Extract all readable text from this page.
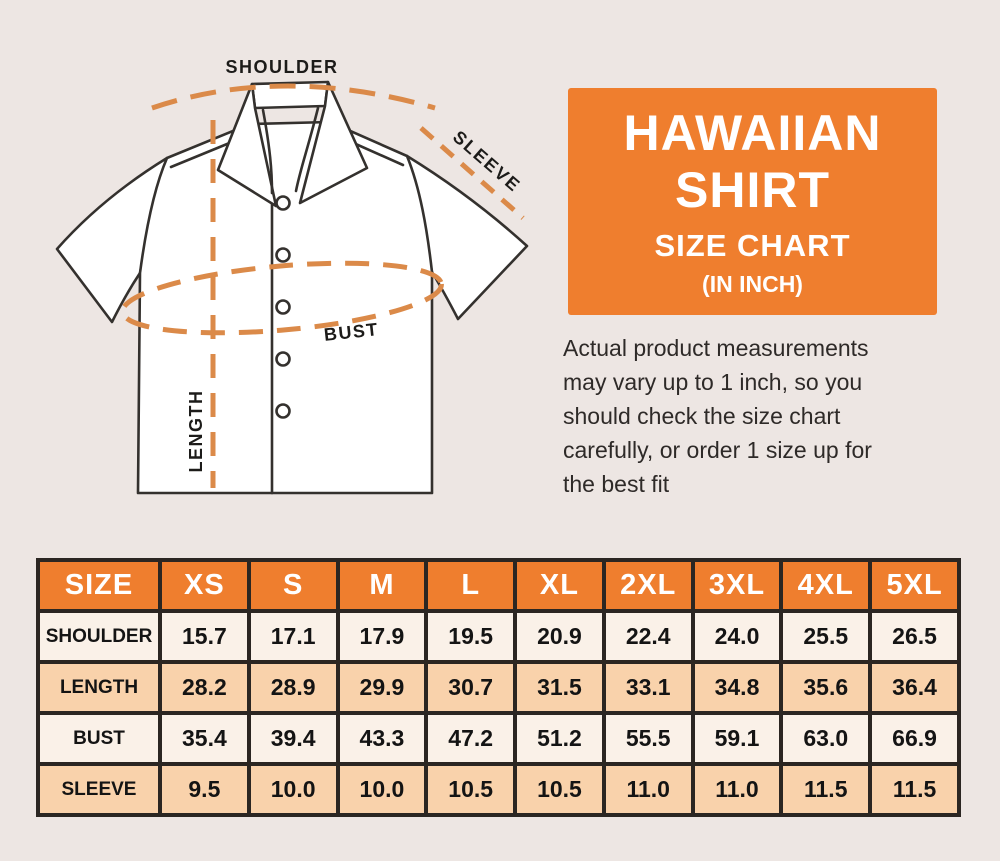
SHOULDER
SLEEVE
LENGTH
BUST
HAWAIIAN
SHIRT
SIZE CHART
(IN INCH)
Actual product measurements
may vary up to 1 inch, so you
should check the size chart
carefully, or order 1 size up for
the best fit
SIZE	XS	S	M	L	XL	2XL	3XL	4XL	5XL
SHOULDER	15.7	17.1	17.9	19.5	20.9	22.4	24.0	25.5	26.5
LENGTH	28.2	28.9	29.9	30.7	31.5	33.1	34.8	35.6	36.4
BUST	35.4	39.4	43.3	47.2	51.2	55.5	59.1	63.0	66.9
SLEEVE	9.5	10.0	10.0	10.5	10.5	11.0	11.0	11.5	11.5
